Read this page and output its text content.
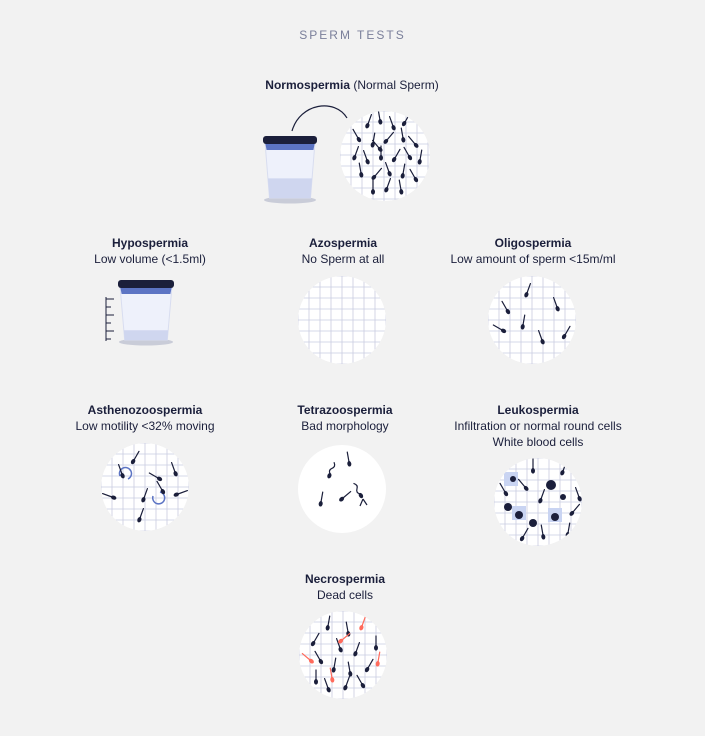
SPERM TESTS
Normospermia (Normal Sperm)
Hypospermia
Low volume (<1.5ml)
Azospermia
No Sperm at all
Oligospermia
Low amount of sperm <15m/ml
Asthenozoospermia
Low motility <32% moving
Tetrazoospermia
Bad morphology
Leukospermia
Infiltration or normal round cells
White blood cells
Necrospermia
Dead cells
